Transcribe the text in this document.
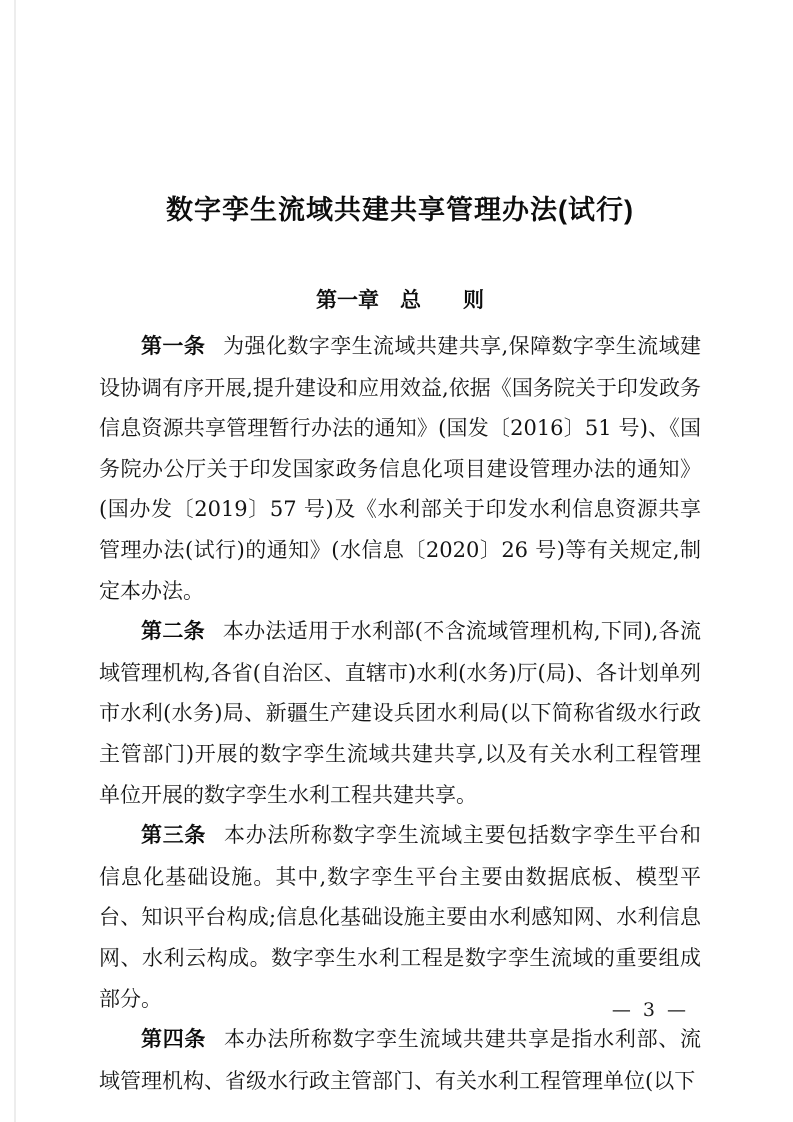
数字孪生流域共建共享管理办法(试行)
第一章　总　　则

第一条 为强化数字孪生流域共建共享,保障数字孪生流域建设协调有序开展,提升建设和应用效益,依据《国务院关于印发政务信息资源共享管理暂行办法的通知》(国发〔2016〕51 号)、《国务院办公厅关于印发国家政务信息化项目建设管理办法的通知》(国办发〔2019〕57 号)及《水利部关于印发水利信息资源共享管理办法(试行)的通知》(水信息〔2020〕26 号)等有关规定,制定本办法。

第二条 本办法适用于水利部(不含流域管理机构,下同),各流域管理机构,各省(自治区、直辖市)水利(水务)厅(局)、各计划单列市水利(水务)局、新疆生产建设兵团水利局(以下简称省级水行政主管部门)开展的数字孪生流域共建共享,以及有关水利工程管理单位开展的数字孪生水利工程共建共享。

第三条 本办法所称数字孪生流域主要包括数字孪生平台和信息化基础设施。其中,数字孪生平台主要由数据底板、模型平台、知识平台构成;信息化基础设施主要由水利感知网、水利信息网、水利云构成。数字孪生水利工程是数字孪生流域的重要组成部分。

第四条 本办法所称数字孪生流域共建共享是指水利部、流域管理机构、省级水行政主管部门、有关水利工程管理单位(以下

— 3 —
